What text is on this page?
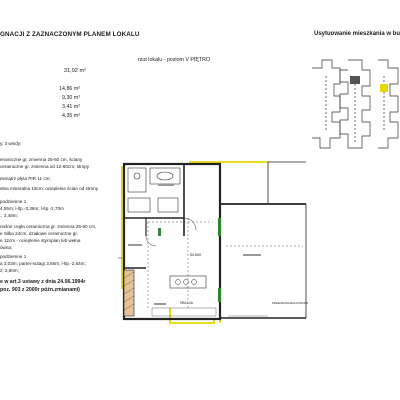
GNACJI Z ZAZNACZONYM PLANEM LOKALU	Usytuowanie mieszkania w bu
rzut lokalu - poziom V PIĘTRO
31,92 m²
14,86 m²
9,30 m²
3,41 m²
4,35 m²
y, 3 windy;
eramiczne gr. zmienna 25-60 cm, ściany
ceramiczne gr. zmienna od 12-60cm; stropy
ewnątrz płyta PIR 11 cm;
ełna mineralna 18cm; ocieplenie ścian od strony
podziemne 1
4,55m; l-ltp.-3,36m; l-ltp.-2,70m
.; 2,48m;
nośne cegła ceramiczna gr. zmienna 25-60 cm,
e Silka 24cm, działowe ceramiczne gr.
e 12cm - ocieplenie styropian lub wełna
ówna;
podziemne 1
a 3,03m; parter-sutagi 3,66m; l-ltp.-2,64m;
ż; 2,80m;
e w art.3 ustawy z dnia 24.06.1994r
poz. 903 z 2000r późn.zmianami)
80-83H
5RA1-0A	PRZEGRODA BALKONOWA
